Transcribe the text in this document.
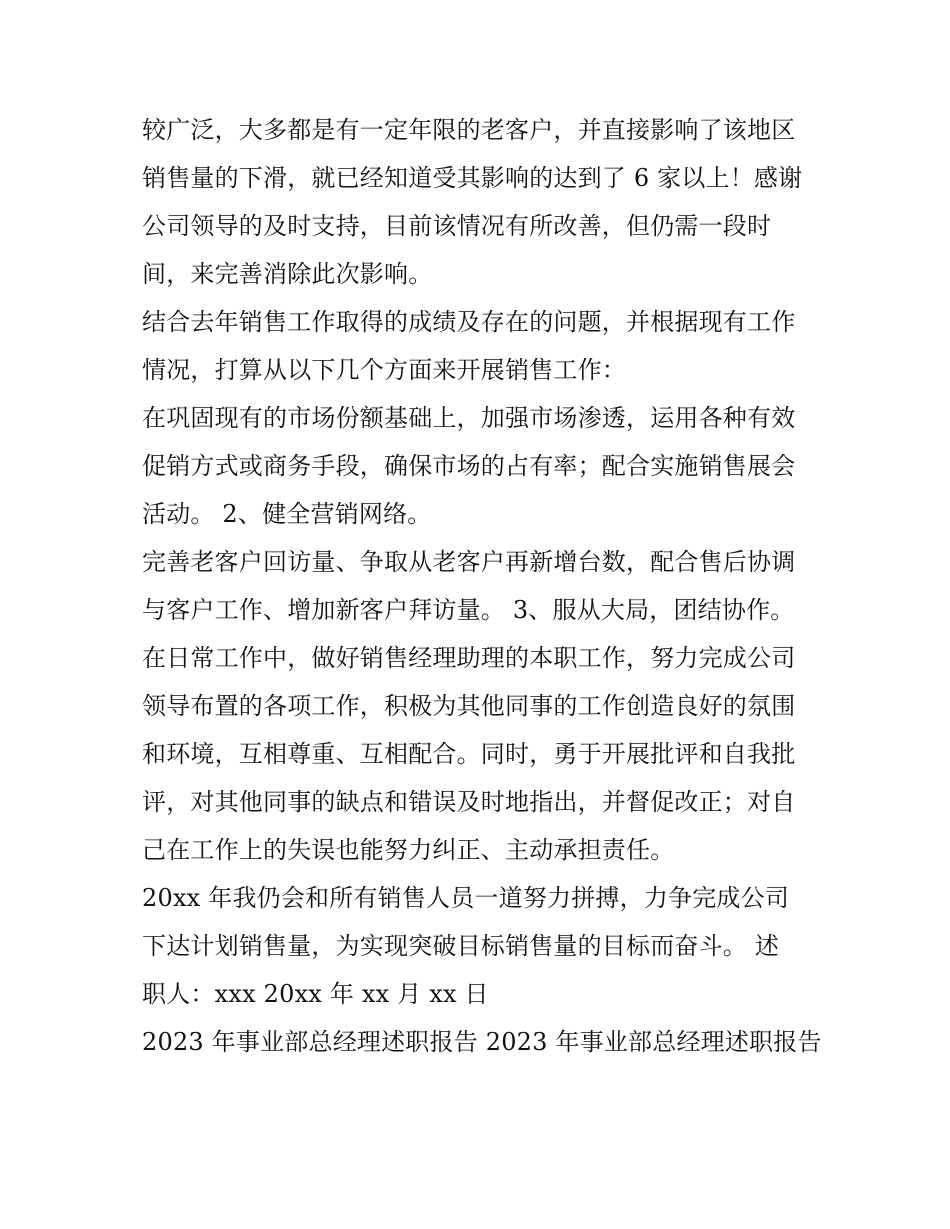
较广泛，大多都是有一定年限的老客户，并直接影响了该地区
销售量的下滑，就已经知道受其影响的达到了 6 家以上！感谢
公司领导的及时支持，目前该情况有所改善，但仍需一段时
间，来完善消除此次影响。
结合去年销售工作取得的成绩及存在的问题，并根据现有工作
情况，打算从以下几个方面来开展销售工作：
在巩固现有的市场份额基础上，加强市场渗透，运用各种有效
促销方式或商务手段，确保市场的占有率；配合实施销售展会
活动。 2、健全营销网络。
完善老客户回访量、争取从老客户再新增台数，配合售后协调
与客户工作、增加新客户拜访量。 3、服从大局，团结协作。
在日常工作中，做好销售经理助理的本职工作，努力完成公司
领导布置的各项工作，积极为其他同事的工作创造良好的氛围
和环境，互相尊重、互相配合。同时，勇于开展批评和自我批
评，对其他同事的缺点和错误及时地指出，并督促改正；对自
己在工作上的失误也能努力纠正、主动承担责任。
20xx 年我仍会和所有销售人员一道努力拼搏，力争完成公司
下达计划销售量，为实现突破目标销售量的目标而奋斗。 述
职人：xxx 20xx 年 xx 月 xx 日
2023 年事业部总经理述职报告 2023 年事业部总经理述职报告
